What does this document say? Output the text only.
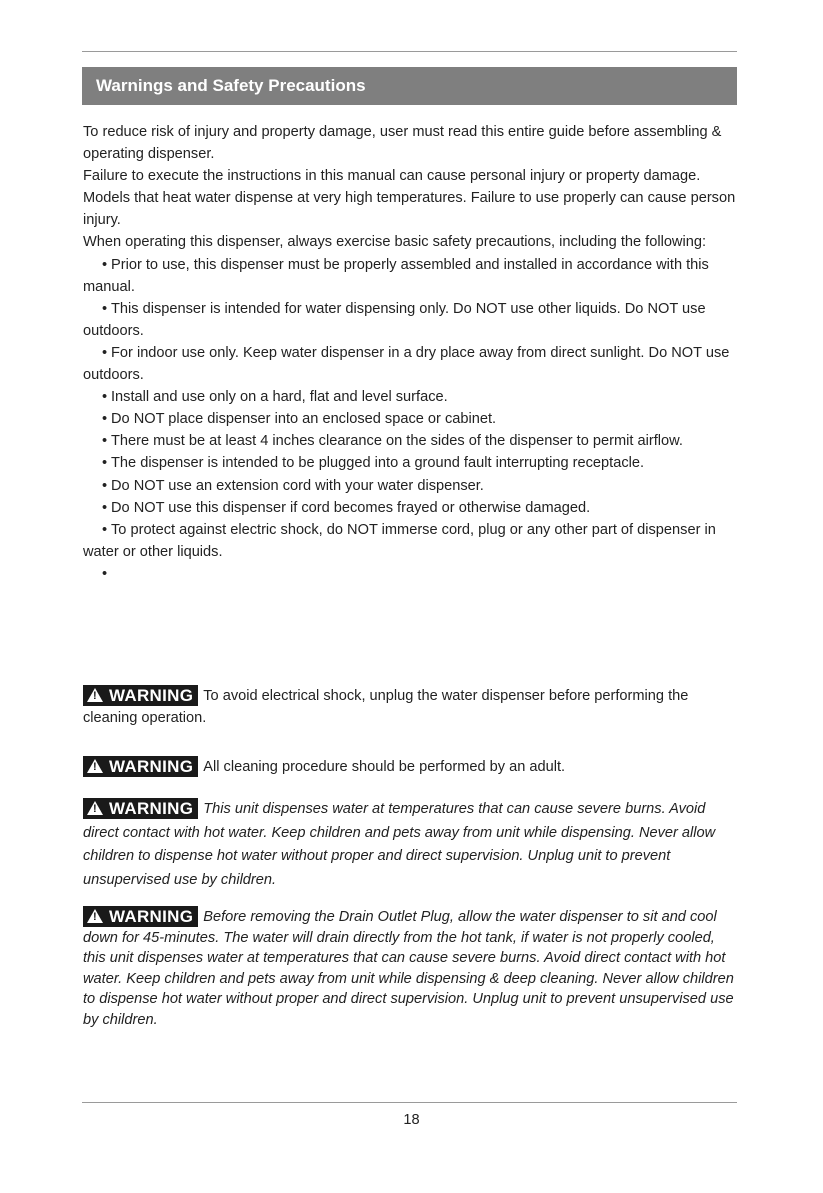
Warnings and Safety Precautions

To reduce risk of injury and property damage, user must read this entire guide before assembling & operating dispenser.

Failure to execute the instructions in this manual can cause personal injury or property damage.

Models that heat water dispense at very high temperatures. Failure to use properly can cause person injury.

When operating this dispenser, always exercise basic safety precautions, including the following:

• Prior to use, this dispenser must be properly assembled and installed in accordance with this manual.
• This dispenser is intended for water dispensing only. Do NOT use other liquids. Do NOT use outdoors.
• For indoor use only. Keep water dispenser in a dry place away from direct sunlight. Do NOT use outdoors.
• Install and use only on a hard, flat and level surface.
• Do NOT place dispenser into an enclosed space or cabinet.
• There must be at least 4 inches clearance on the sides of the dispenser to permit airflow.
• The dispenser is intended to be plugged into a ground fault interrupting receptacle.
• Do NOT use an extension cord with your water dispenser.
• Do NOT use this dispenser if cord becomes frayed or otherwise damaged.
• To protect against electric shock, do NOT immerse cord, plug or any other part of dispenser in water or other liquids.
•
!WARNING To avoid electrical shock, unplug the water dispenser before performing the cleaning operation.
!WARNING All cleaning procedure should be performed by an adult.
!WARNING This unit dispenses water at temperatures that can cause severe burns. Avoid direct contact with hot water. Keep children and pets away from unit while dispensing. Never allow children to dispense hot water without proper and direct supervision. Unplug unit to prevent unsupervised use by children.
!WARNING Before removing the Drain Outlet Plug, allow the water dispenser to sit and cool down for 45-minutes. The water will drain directly from the hot tank, if water is not properly cooled, this unit dispenses water at temperatures that can cause severe burns. Avoid direct contact with hot water. Keep children and pets away from unit while dispensing & deep cleaning. Never allow children to dispense hot water without proper and direct supervision. Unplug unit to prevent unsupervised use by children.
18
